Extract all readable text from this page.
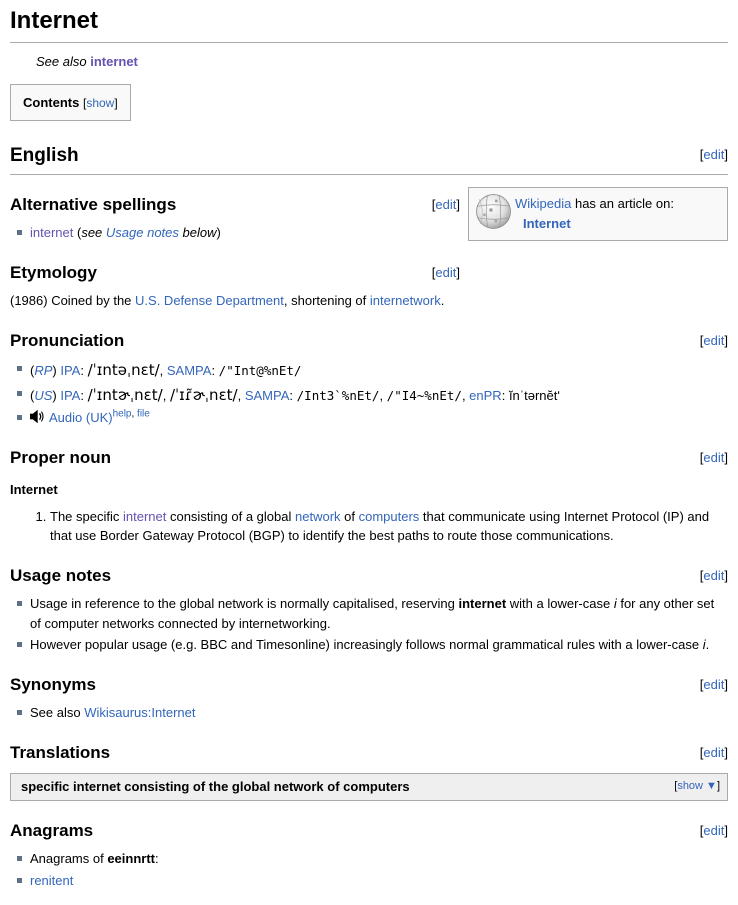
Internet
See also internet
Contents [show]
[edit]
English
Wikipedia has an article on:
Internet
[edit]
Alternative spellings
internet (see Usage notes below)
[edit]
Etymology

(1986) Coined by the U.S. Defense Department, shortening of internetwork.

[edit]
Pronunciation
(RP) IPA: /ˈɪntəˌnɛt/, SAMPA: /"Int@%nEt/
(US) IPA: /ˈɪntɚˌnɛt/, /ˈɪɾ̃ɚˌnɛt/, SAMPA: /Int3`%nEt/, /"I4~%nEt/, enPR: ĭnˈtərnĕtʹ
Audio (UK)$^{help, file}$
[edit]
Proper noun

Internet

1. The specific internet consisting of a global network of computers that communicate using Internet Protocol (IP) and that use Border Gateway Protocol (BGP) to identify the best paths to route those communications.
[edit]
Usage notes
Usage in reference to the global network is normally capitalised, reserving internet with a lower-case i for any other set of computer networks connected by internetworking.
However popular usage (e.g. BBC and Timesonline) increasingly follows normal grammatical rules with a lower-case i.
[edit]
Synonyms
See also Wikisaurus:Internet
[edit]
Translations
specific internet consisting of the global network of computers	[show ▼]
[edit]
Anagrams
Anagrams of eeinnrtt:
renitent
